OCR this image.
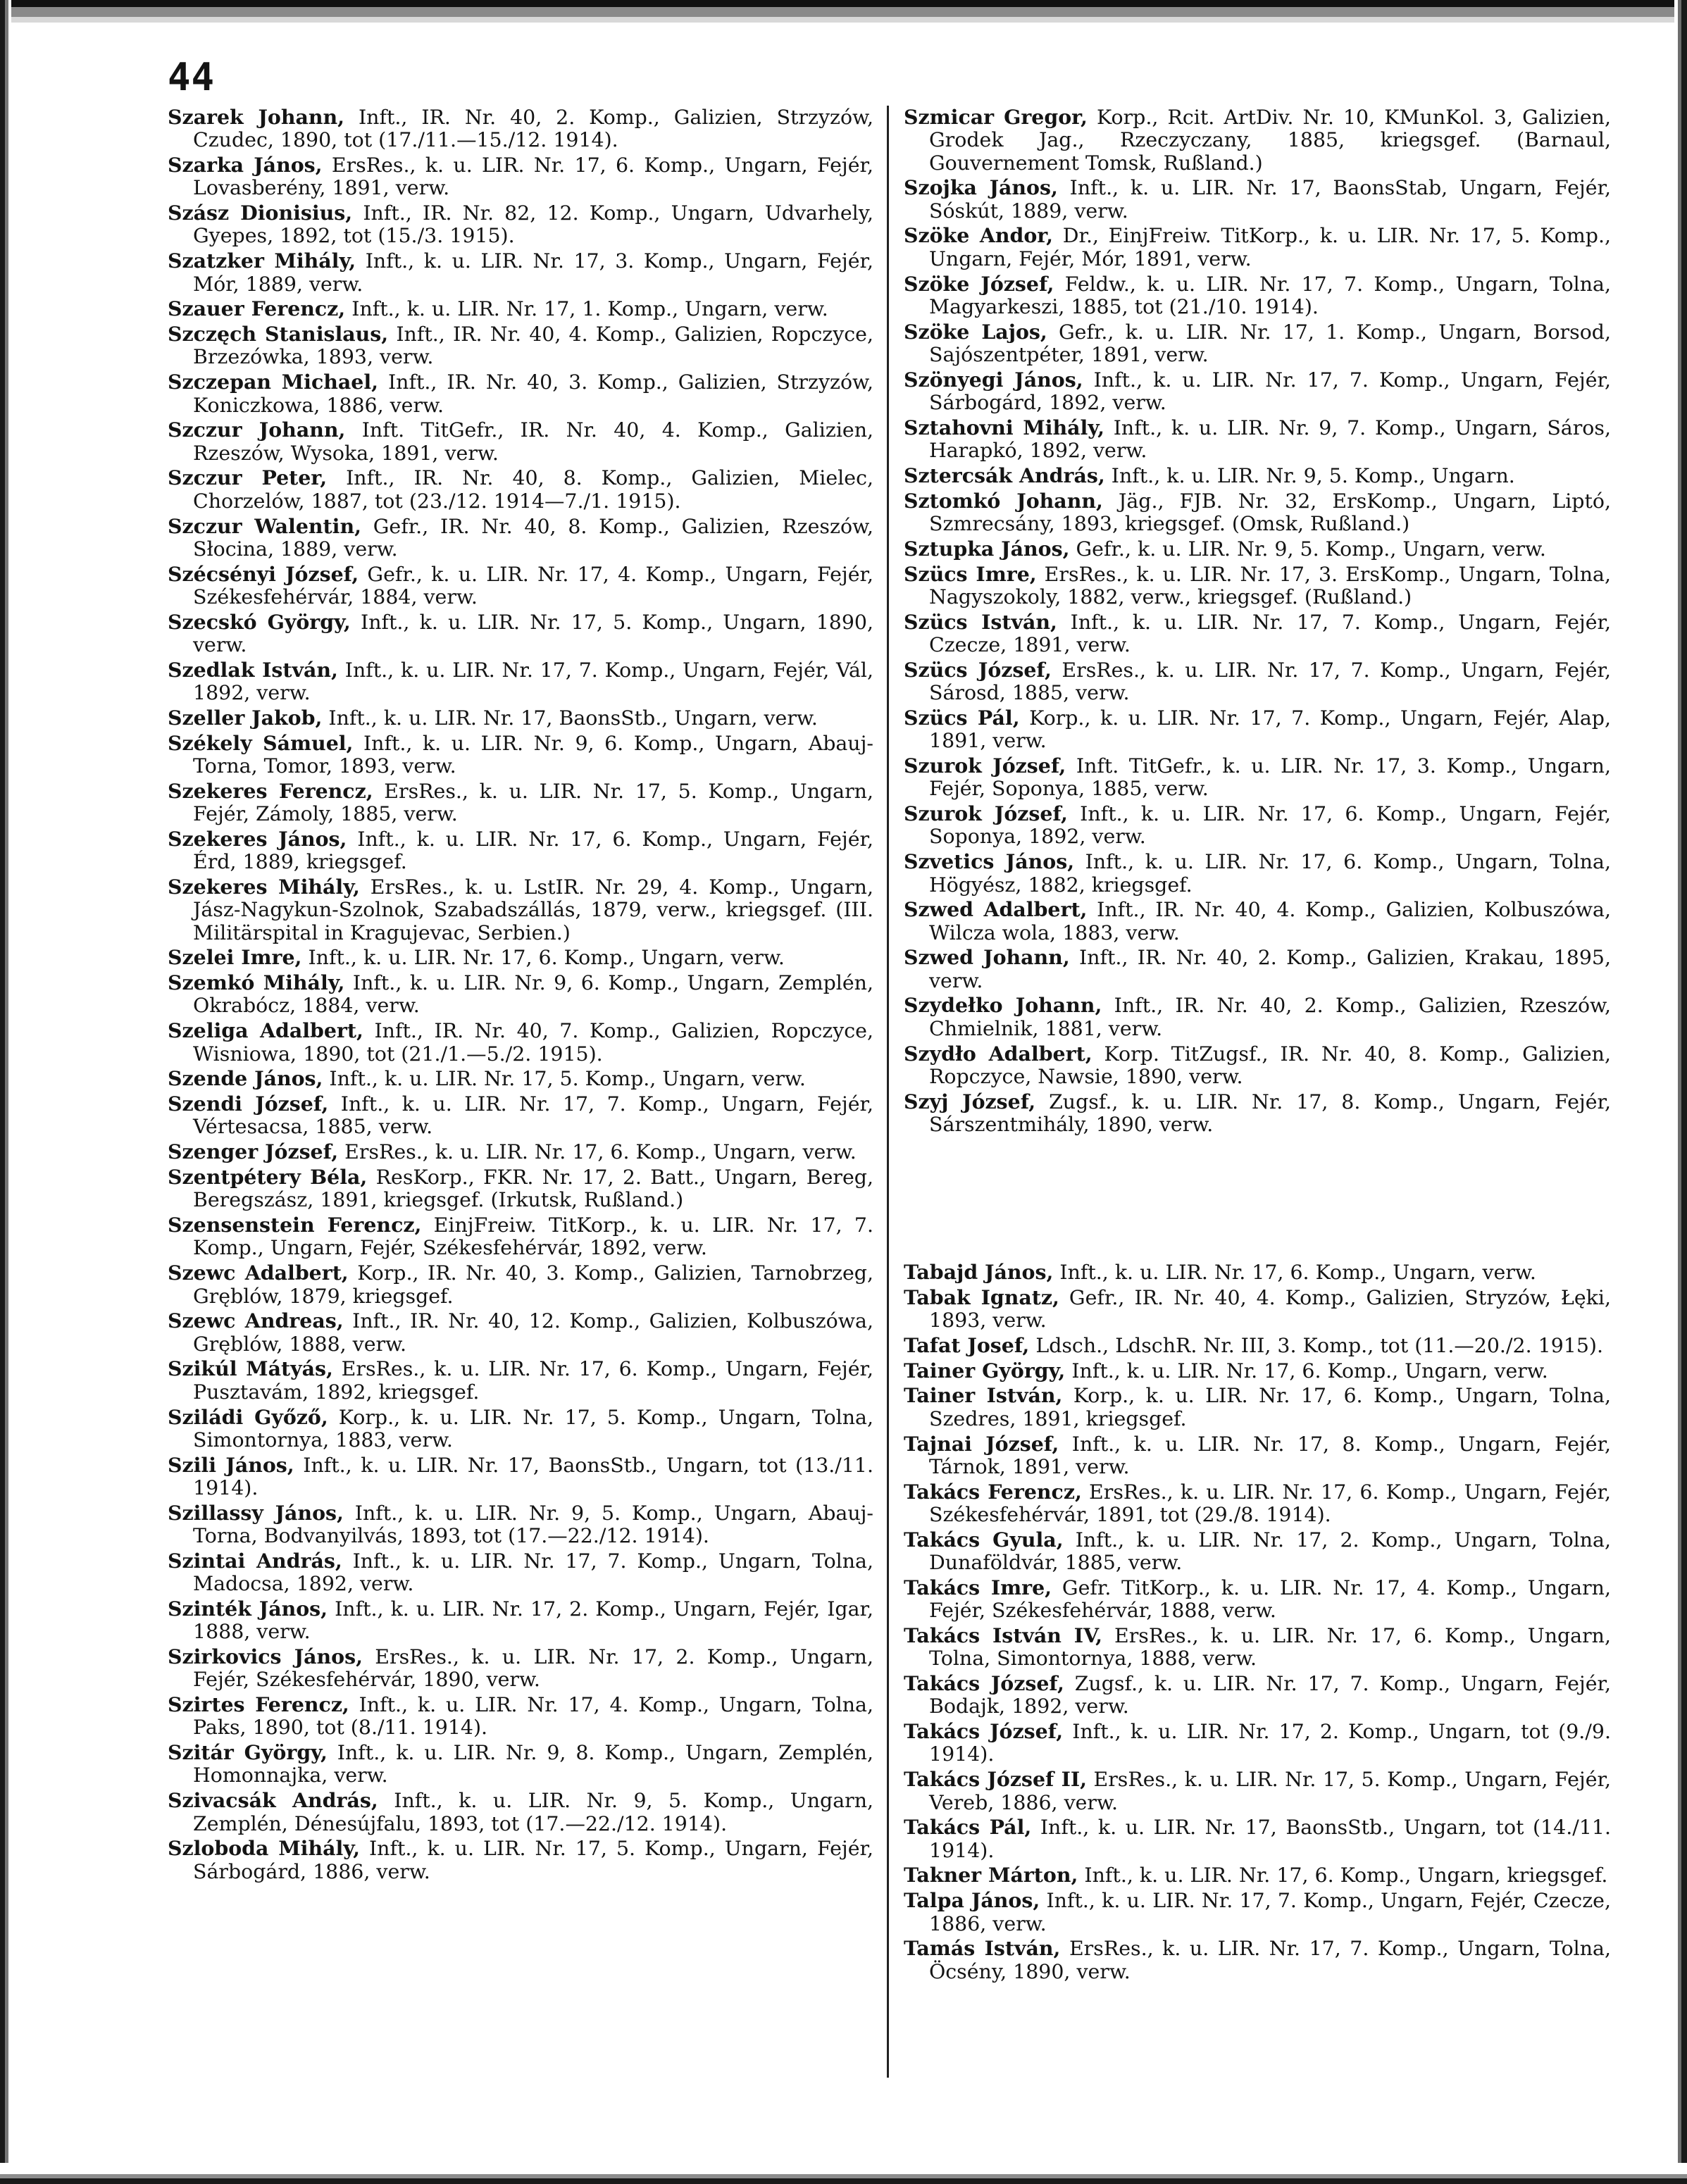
44
Szarek Johann, Inft., IR. Nr. 40, 2. Komp., Galizien, Strzyzów, Czudec, 1890, tot (17./11.—15./12. 1914).
Szarka János, ErsRes., k. u. LIR. Nr. 17, 6. Komp., Ungarn, Fejér, Lovasberény, 1891, verw.
Szász Dionisius, Inft., IR. Nr. 82, 12. Komp., Ungarn, Udvarhely, Gyepes, 1892, tot (15./3. 1915).
Szatzker Mihály, Inft., k. u. LIR. Nr. 17, 3. Komp., Ungarn, Fejér, Mór, 1889, verw.
Szauer Ferencz, Inft., k. u. LIR. Nr. 17, 1. Komp., Ungarn, verw.
Szczęch Stanislaus, Inft., IR. Nr. 40, 4. Komp., Galizien, Ropczyce, Brzezówka, 1893, verw.
Szczepan Michael, Inft., IR. Nr. 40, 3. Komp., Galizien, Strzyzów, Koniczkowa, 1886, verw.
Szczur Johann, Inft. TitGefr., IR. Nr. 40, 4. Komp., Galizien, Rzeszów, Wysoka, 1891, verw.
Szczur Peter, Inft., IR. Nr. 40, 8. Komp., Galizien, Mielec, Chorzelów, 1887, tot (23./12. 1914—7./1. 1915).
Szczur Walentin, Gefr., IR. Nr. 40, 8. Komp., Galizien, Rzeszów, Słocina, 1889, verw.
Szécsényi József, Gefr., k. u. LIR. Nr. 17, 4. Komp., Ungarn, Fejér, Székesfehérvár, 1884, verw.
Szecskó György, Inft., k. u. LIR. Nr. 17, 5. Komp., Ungarn, 1890, verw.
Szedlak István, Inft., k. u. LIR. Nr. 17, 7. Komp., Ungarn, Fejér, Vál, 1892, verw.
Szeller Jakob, Inft., k. u. LIR. Nr. 17, BaonsStb., Ungarn, verw.
Székely Sámuel, Inft., k. u. LIR. Nr. 9, 6. Komp., Ungarn, Abauj-Torna, Tomor, 1893, verw.
Szekeres Ferencz, ErsRes., k. u. LIR. Nr. 17, 5. Komp., Ungarn, Fejér, Zámoly, 1885, verw.
Szekeres János, Inft., k. u. LIR. Nr. 17, 6. Komp., Ungarn, Fejér, Érd, 1889, kriegsgef.
Szekeres Mihály, ErsRes., k. u. LstIR. Nr. 29, 4. Komp., Ungarn, Jász-Nagykun-Szolnok, Szabadszállás, 1879, verw., kriegsgef. (III. Militärspital in Kragujevac, Serbien.)
Szelei Imre, Inft., k. u. LIR. Nr. 17, 6. Komp., Ungarn, verw.
Szemkó Mihály, Inft., k. u. LIR. Nr. 9, 6. Komp., Ungarn, Zemplén, Okrabócz, 1884, verw.
Szeliga Adalbert, Inft., IR. Nr. 40, 7. Komp., Galizien, Ropczyce, Wisniowa, 1890, tot (21./1.—5./2. 1915).
Szende János, Inft., k. u. LIR. Nr. 17, 5. Komp., Ungarn, verw.
Szendi József, Inft., k. u. LIR. Nr. 17, 7. Komp., Ungarn, Fejér, Vértesacsa, 1885, verw.
Szenger József, ErsRes., k. u. LIR. Nr. 17, 6. Komp., Ungarn, verw.
Szentpétery Béla, ResKorp., FKR. Nr. 17, 2. Batt., Ungarn, Bereg, Beregszász, 1891, kriegsgef. (Irkutsk, Rußland.)
Szensenstein Ferencz, EinjFreiw. TitKorp., k. u. LIR. Nr. 17, 7. Komp., Ungarn, Fejér, Székesfehérvár, 1892, verw.
Szewc Adalbert, Korp., IR. Nr. 40, 3. Komp., Galizien, Tarnobrzeg, Gręblów, 1879, kriegsgef.
Szewc Andreas, Inft., IR. Nr. 40, 12. Komp., Galizien, Kolbuszówa, Gręblów, 1888, verw.
Szikúl Mátyás, ErsRes., k. u. LIR. Nr. 17, 6. Komp., Ungarn, Fejér, Pusztavám, 1892, kriegsgef.
Sziládi Győző, Korp., k. u. LIR. Nr. 17, 5. Komp., Ungarn, Tolna, Simontornya, 1883, verw.
Szili János, Inft., k. u. LIR. Nr. 17, BaonsStb., Ungarn, tot (13./11. 1914).
Szillassy János, Inft., k. u. LIR. Nr. 9, 5. Komp., Ungarn, Abauj-Torna, Bodvanyilvás, 1893, tot (17.—22./12. 1914).
Szintai András, Inft., k. u. LIR. Nr. 17, 7. Komp., Ungarn, Tolna, Madocsa, 1892, verw.
Szinték János, Inft., k. u. LIR. Nr. 17, 2. Komp., Ungarn, Fejér, Igar, 1888, verw.
Szirkovics János, ErsRes., k. u. LIR. Nr. 17, 2. Komp., Ungarn, Fejér, Székesfehérvár, 1890, verw.
Szirtes Ferencz, Inft., k. u. LIR. Nr. 17, 4. Komp., Ungarn, Tolna, Paks, 1890, tot (8./11. 1914).
Szitár György, Inft., k. u. LIR. Nr. 9, 8. Komp., Ungarn, Zemplén, Homonnajka, verw.
Szivacsák András, Inft., k. u. LIR. Nr. 9, 5. Komp., Ungarn, Zemplén, Dénesújfalu, 1893, tot (17.—22./12. 1914).
Szloboda Mihály, Inft., k. u. LIR. Nr. 17, 5. Komp., Ungarn, Fejér, Sárbogárd, 1886, verw.
Szmicar Gregor, Korp., Rcit. ArtDiv. Nr. 10, KMunKol. 3, Galizien, Grodek Jag., Rzeczyczany, 1885, kriegsgef. (Barnaul, Gouvernement Tomsk, Rußland.)
Szojka János, Inft., k. u. LIR. Nr. 17, BaonsStab, Ungarn, Fejér, Sóskút, 1889, verw.
Szöke Andor, Dr., EinjFreiw. TitKorp., k. u. LIR. Nr. 17, 5. Komp., Ungarn, Fejér, Mór, 1891, verw.
Szöke József, Feldw., k. u. LIR. Nr. 17, 7. Komp., Ungarn, Tolna, Magyarkeszi, 1885, tot (21./10. 1914).
Szöke Lajos, Gefr., k. u. LIR. Nr. 17, 1. Komp., Ungarn, Borsod, Sajószentpéter, 1891, verw.
Szönyegi János, Inft., k. u. LIR. Nr. 17, 7. Komp., Ungarn, Fejér, Sárbogárd, 1892, verw.
Sztahovni Mihály, Inft., k. u. LIR. Nr. 9, 7. Komp., Ungarn, Sáros, Harapkó, 1892, verw.
Sztercsák András, Inft., k. u. LIR. Nr. 9, 5. Komp., Ungarn.
Sztomkó Johann, Jäg., FJB. Nr. 32, ErsKomp., Ungarn, Liptó, Szmrecsány, 1893, kriegsgef. (Omsk, Rußland.)
Sztupka János, Gefr., k. u. LIR. Nr. 9, 5. Komp., Ungarn, verw.
Szücs Imre, ErsRes., k. u. LIR. Nr. 17, 3. ErsKomp., Ungarn, Tolna, Nagyszokoly, 1882, verw., kriegsgef. (Rußland.)
Szücs István, Inft., k. u. LIR. Nr. 17, 7. Komp., Ungarn, Fejér, Czecze, 1891, verw.
Szücs József, ErsRes., k. u. LIR. Nr. 17, 7. Komp., Ungarn, Fejér, Sárosd, 1885, verw.
Szücs Pál, Korp., k. u. LIR. Nr. 17, 7. Komp., Ungarn, Fejér, Alap, 1891, verw.
Szurok József, Inft. TitGefr., k. u. LIR. Nr. 17, 3. Komp., Ungarn, Fejér, Soponya, 1885, verw.
Szurok József, Inft., k. u. LIR. Nr. 17, 6. Komp., Ungarn, Fejér, Soponya, 1892, verw.
Szvetics János, Inft., k. u. LIR. Nr. 17, 6. Komp., Ungarn, Tolna, Högyész, 1882, kriegsgef.
Szwed Adalbert, Inft., IR. Nr. 40, 4. Komp., Galizien, Kolbuszówa, Wilcza wola, 1883, verw.
Szwed Johann, Inft., IR. Nr. 40, 2. Komp., Galizien, Krakau, 1895, verw.
Szydełko Johann, Inft., IR. Nr. 40, 2. Komp., Galizien, Rzeszów, Chmielnik, 1881, verw.
Szydło Adalbert, Korp. TitZugsf., IR. Nr. 40, 8. Komp., Galizien, Ropczyce, Nawsie, 1890, verw.
Szyj József, Zugsf., k. u. LIR. Nr. 17, 8. Komp., Ungarn, Fejér, Sárszentmihály, 1890, verw.
Tabajd János, Inft., k. u. LIR. Nr. 17, 6. Komp., Ungarn, verw.
Tabak Ignatz, Gefr., IR. Nr. 40, 4. Komp., Galizien, Stryzów, Łęki, 1893, verw.
Tafat Josef, Ldsch., LdschR. Nr. III, 3. Komp., tot (11.—20./2. 1915).
Tainer György, Inft., k. u. LIR. Nr. 17, 6. Komp., Ungarn, verw.
Tainer István, Korp., k. u. LIR. Nr. 17, 6. Komp., Ungarn, Tolna, Szedres, 1891, kriegsgef.
Tajnai József, Inft., k. u. LIR. Nr. 17, 8. Komp., Ungarn, Fejér, Tárnok, 1891, verw.
Takács Ferencz, ErsRes., k. u. LIR. Nr. 17, 6. Komp., Ungarn, Fejér, Székesfehérvár, 1891, tot (29./8. 1914).
Takács Gyula, Inft., k. u. LIR. Nr. 17, 2. Komp., Ungarn, Tolna, Dunaföldvár, 1885, verw.
Takács Imre, Gefr. TitKorp., k. u. LIR. Nr. 17, 4. Komp., Ungarn, Fejér, Székesfehérvár, 1888, verw.
Takács István IV, ErsRes., k. u. LIR. Nr. 17, 6. Komp., Ungarn, Tolna, Simontornya, 1888, verw.
Takács József, Zugsf., k. u. LIR. Nr. 17, 7. Komp., Ungarn, Fejér, Bodajk, 1892, verw.
Takács József, Inft., k. u. LIR. Nr. 17, 2. Komp., Ungarn, tot (9./9. 1914).
Takács József II, ErsRes., k. u. LIR. Nr. 17, 5. Komp., Ungarn, Fejér, Vereb, 1886, verw.
Takács Pál, Inft., k. u. LIR. Nr. 17, BaonsStb., Ungarn, tot (14./11. 1914).
Takner Márton, Inft., k. u. LIR. Nr. 17, 6. Komp., Ungarn, kriegsgef.
Talpa János, Inft., k. u. LIR. Nr. 17, 7. Komp., Ungarn, Fejér, Czecze, 1886, verw.
Tamás István, ErsRes., k. u. LIR. Nr. 17, 7. Komp., Ungarn, Tolna, Öcsény, 1890, verw.
